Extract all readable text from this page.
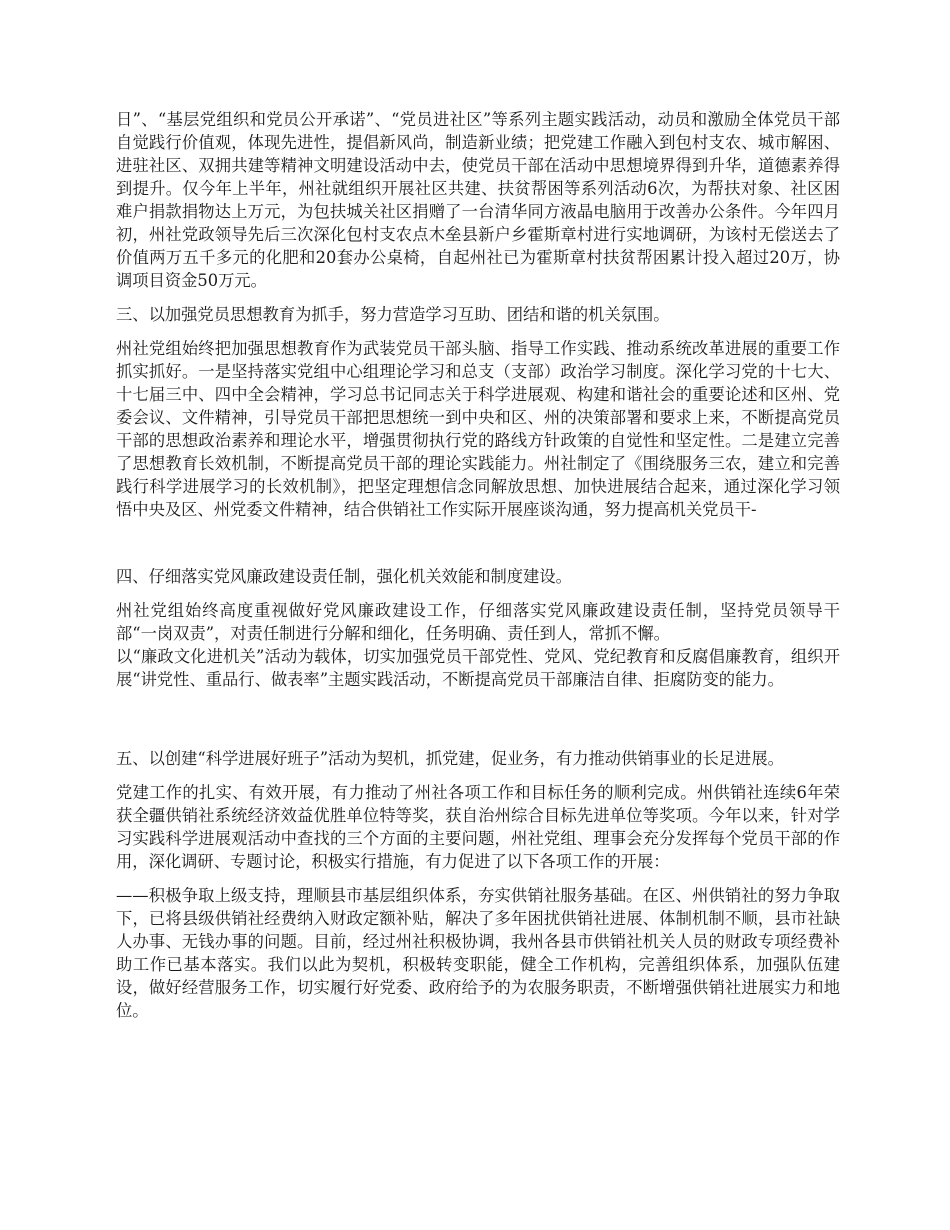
日”、“基层党组织和党员公开承诺”、“党员进社区”等系列主题实践活动，动员和激励全体党员干部自觉践行价值观，体现先进性，提倡新风尚，制造新业绩；把党建工作融入到包村支农、城市解困、进驻社区、双拥共建等精神文明建设活动中去，使党员干部在活动中思想境界得到升华，道德素养得到提升。仅今年上半年，州社就组织开展社区共建、扶贫帮困等系列活动6次，为帮扶对象、社区困难户捐款捐物达上万元，为包扶城关社区捐赠了一台清华同方液晶电脑用于改善办公条件。今年四月初，州社党政领导先后三次深化包村支农点木垒县新户乡霍斯章村进行实地调研，为该村无偿送去了价值两万五千多元的化肥和20套办公桌椅，自起州社已为霍斯章村扶贫帮困累计投入超过20万，协调项目资金50万元。

三、以加强党员思想教育为抓手，努力营造学习互助、团结和谐的机关氛围。

州社党组始终把加强思想教育作为武装党员干部头脑、指导工作实践、推动系统改革进展的重要工作抓实抓好。一是坚持落实党组中心组理论学习和总支（支部）政治学习制度。深化学习党的十七大、十七届三中、四中全会精神，学习总书记同志关于科学进展观、构建和谐社会的重要论述和区州、党委会议、文件精神，引导党员干部把思想统一到中央和区、州的决策部署和要求上来，不断提高党员干部的思想政治素养和理论水平，增强贯彻执行党的路线方针政策的自觉性和坚定性。二是建立完善了思想教育长效机制，不断提高党员干部的理论实践能力。州社制定了《围绕服务三农，建立和完善践行科学进展学习的长效机制》，把坚定理想信念同解放思想、加快进展结合起来，通过深化学习领悟中央及区、州党委文件精神，结合供销社工作实际开展座谈沟通，努力提高机关党员干-

四、仔细落实党风廉政建设责任制，强化机关效能和制度建设。

州社党组始终高度重视做好党风廉政建设工作，仔细落实党风廉政建设责任制，坚持党员领导干部“一岗双责”，对责任制进行分解和细化，任务明确、责任到人，常抓不懈。

以“廉政文化进机关”活动为载体，切实加强党员干部党性、党风、党纪教育和反腐倡廉教育，组织开展“讲党性、重品行、做表率”主题实践活动，不断提高党员干部廉洁自律、拒腐防变的能力。

五、以创建“科学进展好班子”活动为契机，抓党建，促业务，有力推动供销事业的长足进展。

党建工作的扎实、有效开展，有力推动了州社各项工作和目标任务的顺利完成。州供销社连续6年荣获全疆供销社系统经济效益优胜单位特等奖，获自治州综合目标先进单位等奖项。今年以来，针对学习实践科学进展观活动中查找的三个方面的主要问题，州社党组、理事会充分发挥每个党员干部的作用，深化调研、专题讨论，积极实行措施，有力促进了以下各项工作的开展：

——积极争取上级支持，理顺县市基层组织体系，夯实供销社服务基础。在区、州供销社的努力争取下，已将县级供销社经费纳入财政定额补贴，解决了多年困扰供销社进展、体制机制不顺，县市社缺人办事、无钱办事的问题。目前，经过州社积极协调，我州各县市供销社机关人员的财政专项经费补助工作已基本落实。我们以此为契机，积极转变职能，健全工作机构，完善组织体系，加强队伍建设，做好经营服务工作，切实履行好党委、政府给予的为农服务职责，不断增强供销社进展实力和地位。
